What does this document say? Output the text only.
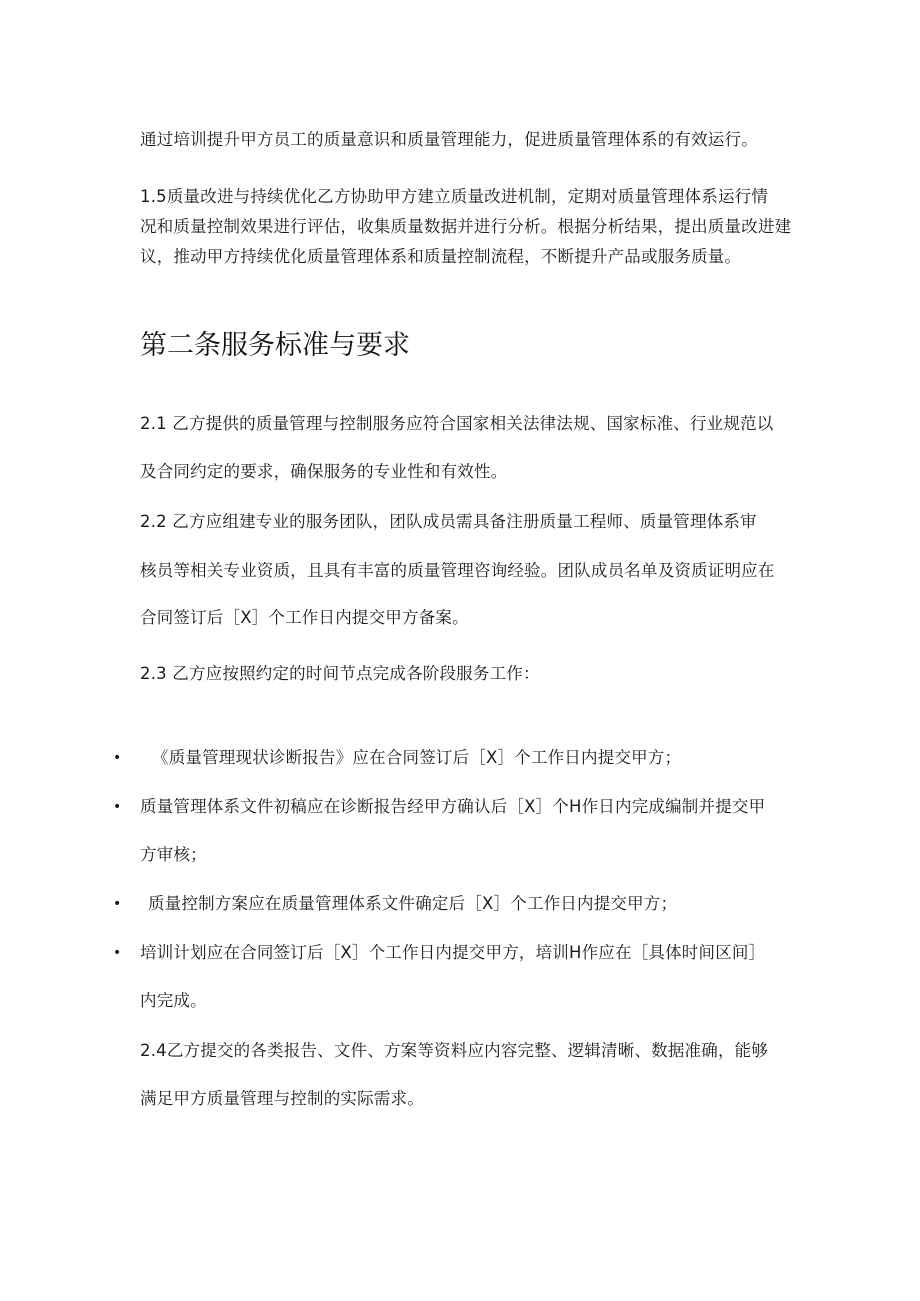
通过培训提升甲方员工的质量意识和质量管理能力，促进质量管理体系的有效运行。
1.5质量改进与持续优化乙方协助甲方建立质量改进机制，定期对质量管理体系运行情
况和质量控制效果进行评估，收集质量数据并进行分析。根据分析结果，提出质量改进建
议，推动甲方持续优化质量管理体系和质量控制流程，不断提升产品或服务质量。
第二条服务标准与要求
2.1 乙方提供的质量管理与控制服务应符合国家相关法律法规、国家标准、行业规范以
及合同约定的要求，确保服务的专业性和有效性。
2.2 乙方应组建专业的服务团队，团队成员需具备注册质量工程师、质量管理体系审
核员等相关专业资质，且具有丰富的质量管理咨询经验。团队成员名单及资质证明应在
合同签订后［X］个工作日内提交甲方备案。
2.3 乙方应按照约定的时间节点完成各阶段服务工作：
• 《质量管理现状诊断报告》应在合同签订后［X］个工作日内提交甲方；
• 质量管理体系文件初稿应在诊断报告经甲方确认后［X］个H作日内完成编制并提交甲
方审核；
• 质量控制方案应在质量管理体系文件确定后［X］个工作日内提交甲方；
• 培训计划应在合同签订后［X］个工作日内提交甲方，培训H作应在［具体时间区间］
内完成。
2.4乙方提交的各类报告、文件、方案等资料应内容完整、逻辑清晰、数据准确，能够
满足甲方质量管理与控制的实际需求。
